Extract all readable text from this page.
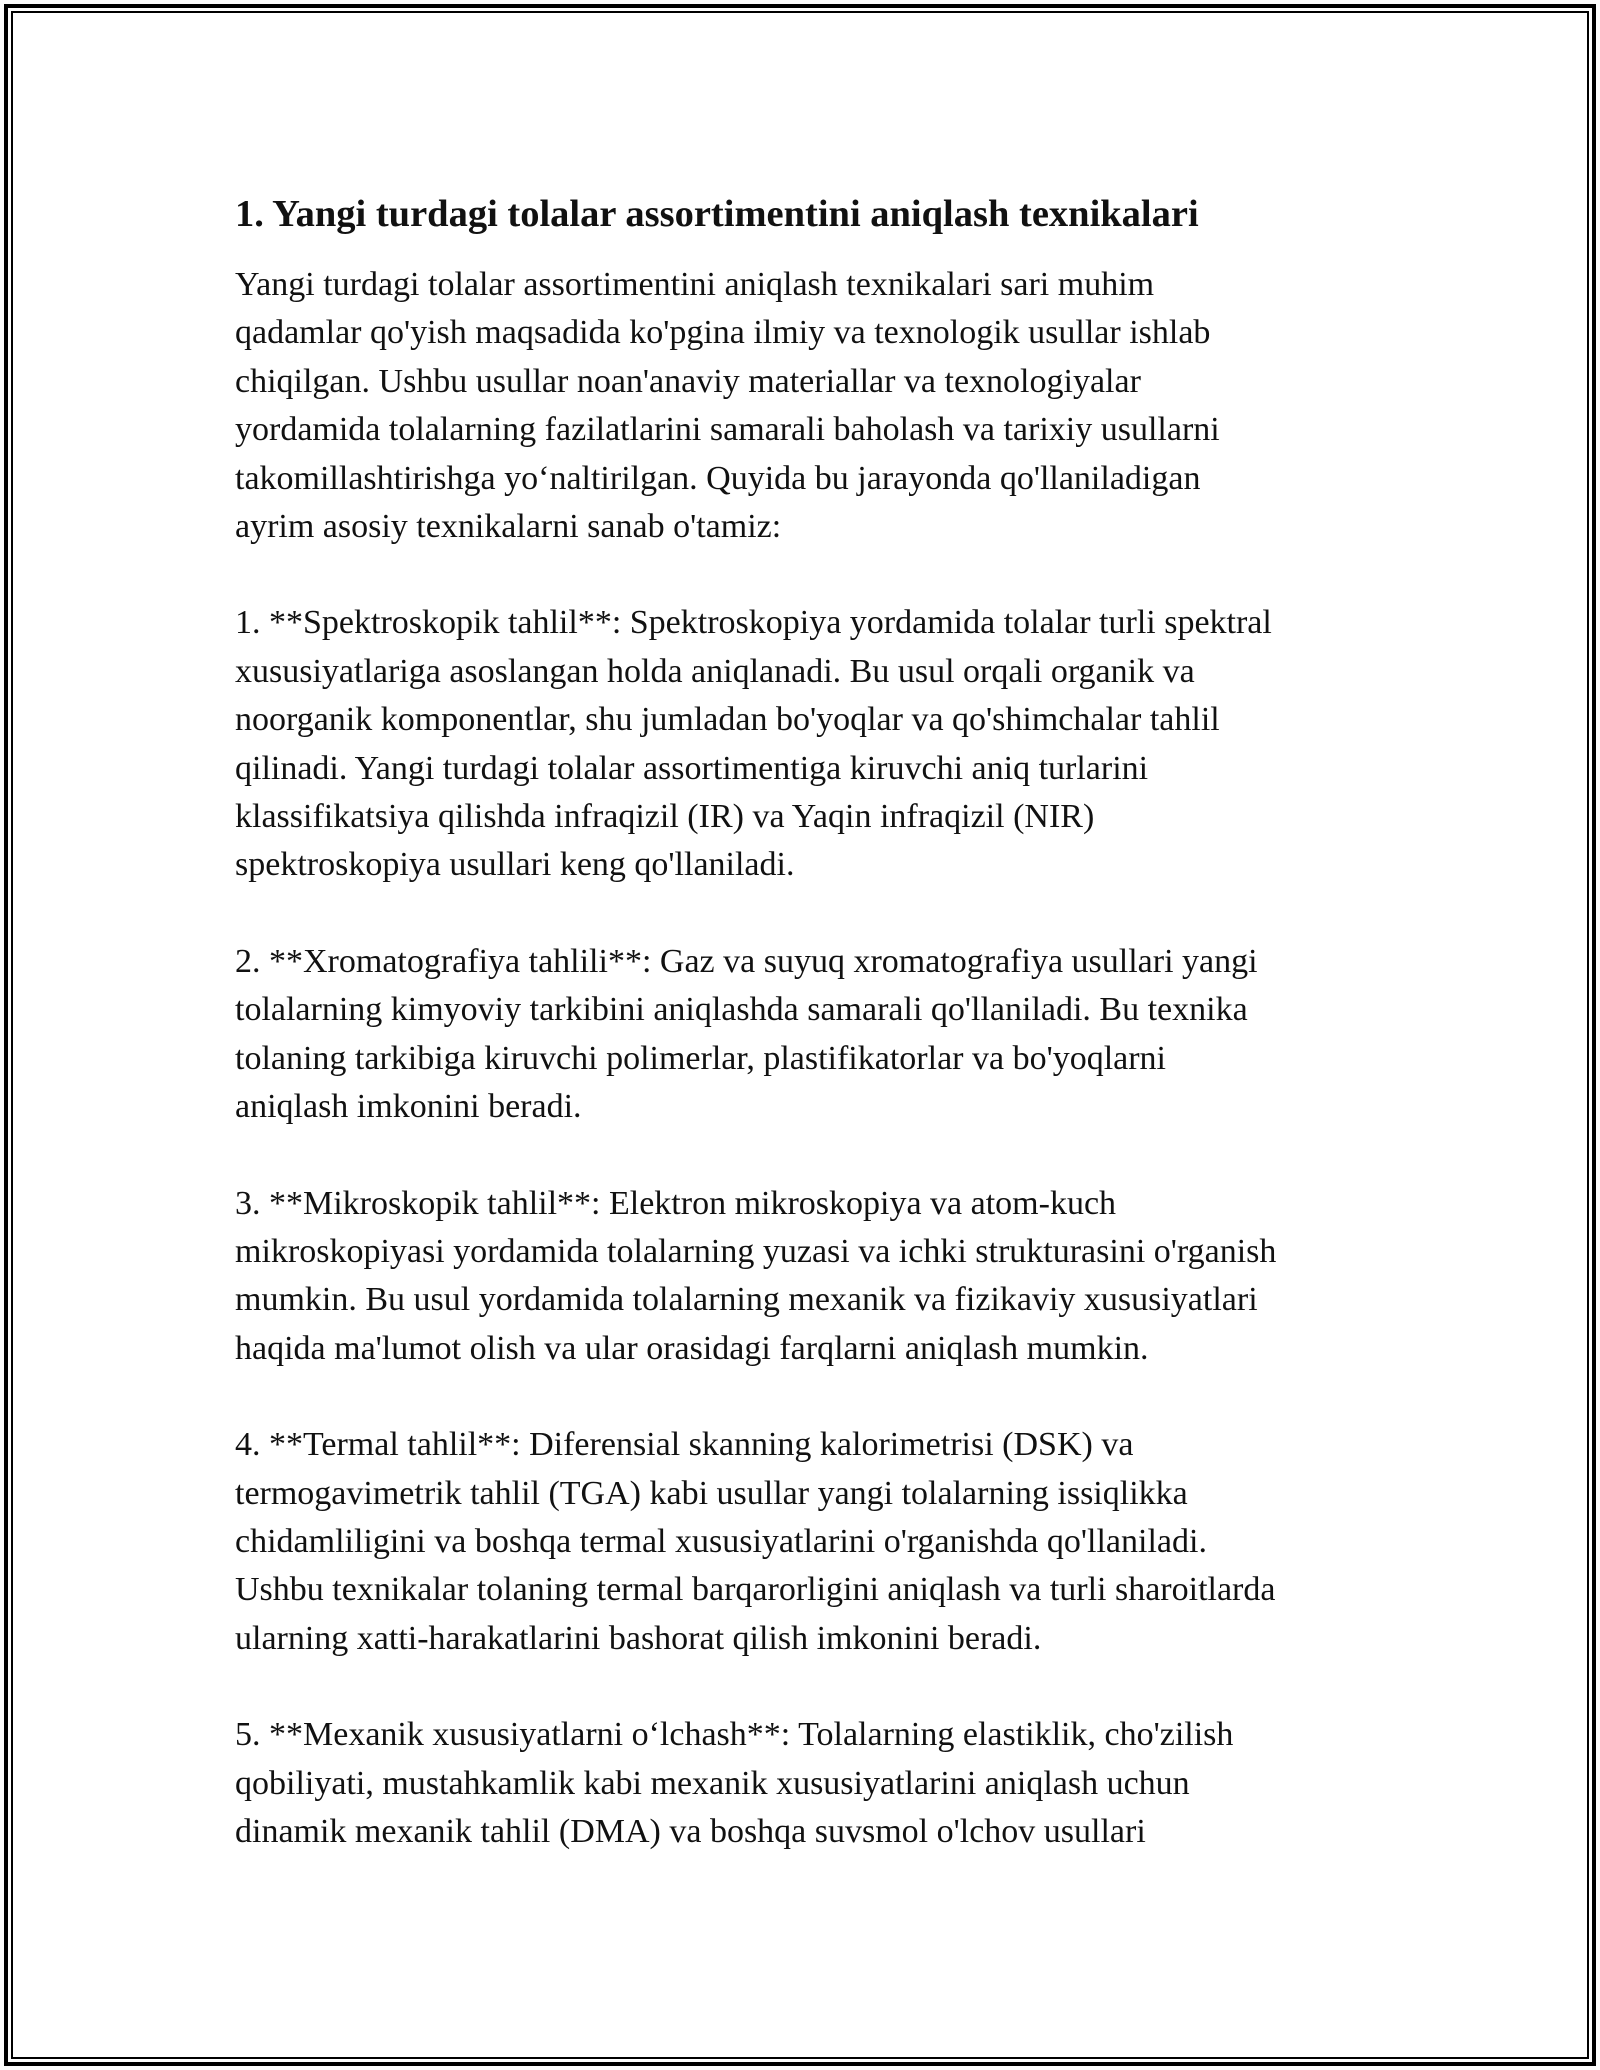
1. Yangi turdagi tolalar assortimentini aniqlash texnikalari

Yangi turdagi tolalar assortimentini aniqlash texnikalari sari muhim
qadamlar qo'yish maqsadida ko'pgina ilmiy va texnologik usullar ishlab
chiqilgan. Ushbu usullar noan'anaviy materiallar va texnologiyalar
yordamida tolalarning fazilatlarini samarali baholash va tarixiy usullarni
takomillashtirishga yo‘naltirilgan. Quyida bu jarayonda qo'llaniladigan
ayrim asosiy texnikalarni sanab o'tamiz:

1. **Spektroskopik tahlil**: Spektroskopiya yordamida tolalar turli spektral
xususiyatlariga asoslangan holda aniqlanadi. Bu usul orqali organik va
noorganik komponentlar, shu jumladan bo'yoqlar va qo'shimchalar tahlil
qilinadi. Yangi turdagi tolalar assortimentiga kiruvchi aniq turlarini
klassifikatsiya qilishda infraqizil (IR) va Yaqin infraqizil (NIR)
spektroskopiya usullari keng qo'llaniladi.

2. **Xromatografiya tahlili**: Gaz va suyuq xromatografiya usullari yangi
tolalarning kimyoviy tarkibini aniqlashda samarali qo'llaniladi. Bu texnika
tolaning tarkibiga kiruvchi polimerlar, plastifikatorlar va bo'yoqlarni
aniqlash imkonini beradi.

3. **Mikroskopik tahlil**: Elektron mikroskopiya va atom-kuch
mikroskopiyasi yordamida tolalarning yuzasi va ichki strukturasini o'rganish
mumkin. Bu usul yordamida tolalarning mexanik va fizikaviy xususiyatlari
haqida ma'lumot olish va ular orasidagi farqlarni aniqlash mumkin.

4. **Termal tahlil**: Diferensial skanning kalorimetrisi (DSK) va
termogavimetrik tahlil (TGA) kabi usullar yangi tolalarning issiqlikka
chidamliligini va boshqa termal xususiyatlarini o'rganishda qo'llaniladi.
Ushbu texnikalar tolaning termal barqarorligini aniqlash va turli sharoitlarda
ularning xatti-harakatlarini bashorat qilish imkonini beradi.

5. **Mexanik xususiyatlarni o‘lchash**: Tolalarning elastiklik, cho'zilish
qobiliyati, mustahkamlik kabi mexanik xususiyatlarini aniqlash uchun
dinamik mexanik tahlil (DMA) va boshqa suvsmol o'lchov usullari
